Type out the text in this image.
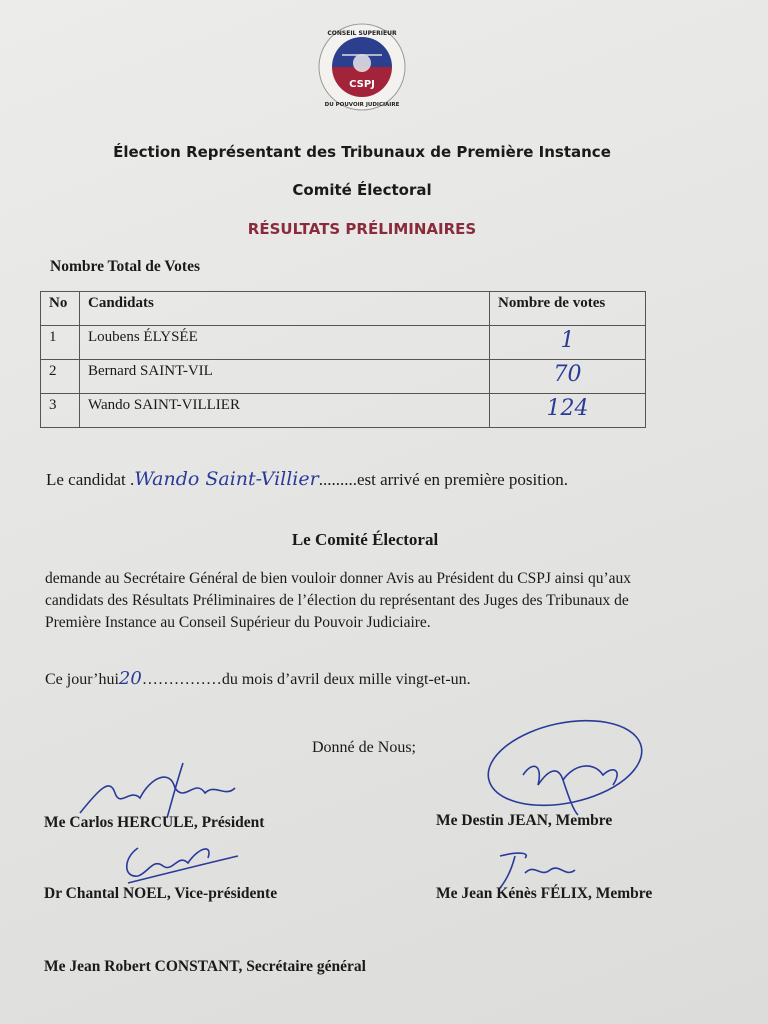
CSPJ
CONSEIL SUPERIEUR
DU POUVOIR JUDICIAIRE
Élection Représentant des Tribunaux de Première Instance
Comité Électoral
RÉSULTATS PRÉLIMINAIRES
Nombre Total de Votes
No	Candidats	Nombre de votes
1	Loubens ÉLYSÉE	1
2	Bernard SAINT-VIL	70
3	Wando SAINT-VILLIER	124
Le candidat .Wando Saint-Villier.........est arrivé en première position.
Le Comité Électoral
demande au Secrétaire Général de bien vouloir donner Avis au Président du CSPJ ainsi qu’aux candidats des Résultats Préliminaires de l’élection du représentant des Juges des Tribunaux de Première Instance au Conseil Supérieur du Pouvoir Judiciaire.
Ce jour’hui20……………du mois d’avril deux mille vingt-et-un.
Donné de Nous;
Me Carlos HERCULE, Président
Dr Chantal NOEL, Vice-présidente
Me Destin JEAN, Membre
Me Jean Kénès FÉLIX, Membre
Me Jean Robert CONSTANT, Secrétaire général
